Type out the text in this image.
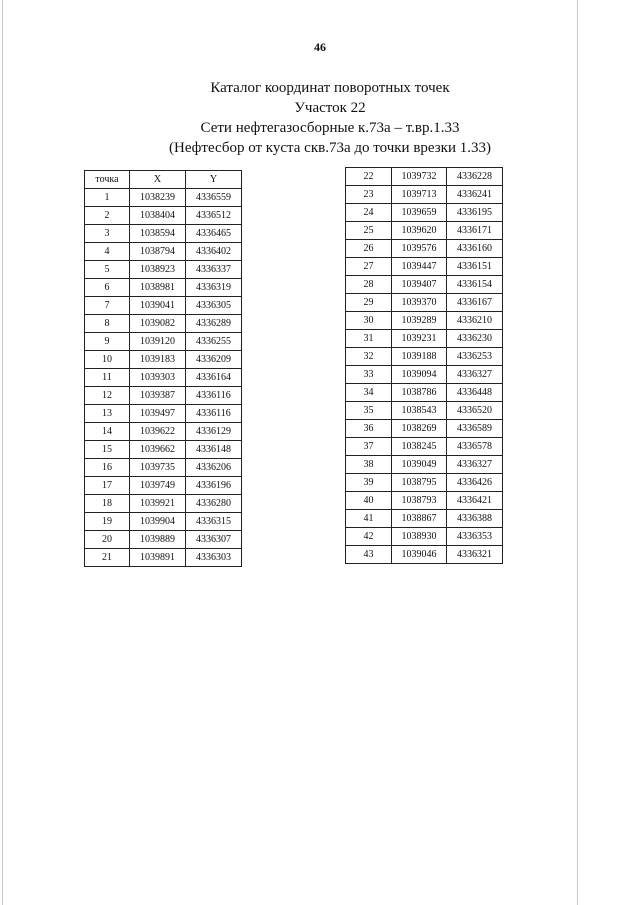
46
Каталог координат поворотных точек
Участок 22
Сети нефтегазосборные к.73а – т.вр.1.33
(Нефтесбор от куста скв.73а до точки врезки 1.33)
точка	X	Y
1	1038239	4336559
2	1038404	4336512
3	1038594	4336465
4	1038794	4336402
5	1038923	4336337
6	1038981	4336319
7	1039041	4336305
8	1039082	4336289
9	1039120	4336255
10	1039183	4336209
11	1039303	4336164
12	1039387	4336116
13	1039497	4336116
14	1039622	4336129
15	1039662	4336148
16	1039735	4336206
17	1039749	4336196
18	1039921	4336280
19	1039904	4336315
20	1039889	4336307
21	1039891	4336303
22	1039732	4336228
23	1039713	4336241
24	1039659	4336195
25	1039620	4336171
26	1039576	4336160
27	1039447	4336151
28	1039407	4336154
29	1039370	4336167
30	1039289	4336210
31	1039231	4336230
32	1039188	4336253
33	1039094	4336327
34	1038786	4336448
35	1038543	4336520
36	1038269	4336589
37	1038245	4336578
38	1039049	4336327
39	1038795	4336426
40	1038793	4336421
41	1038867	4336388
42	1038930	4336353
43	1039046	4336321
